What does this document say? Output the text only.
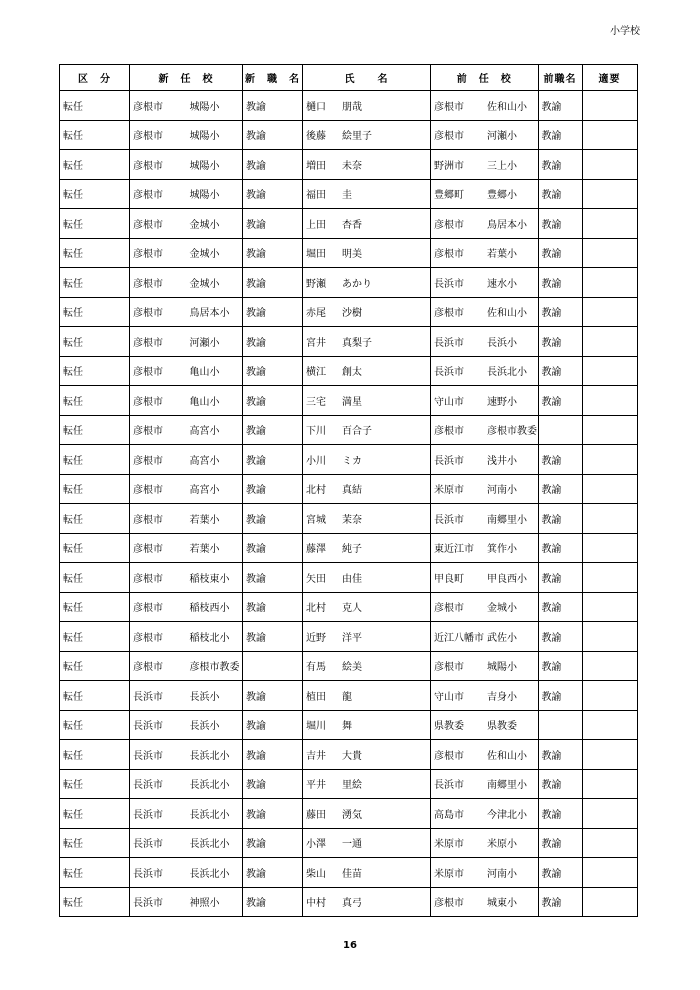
小学校
区　分	新　任　校		新　職　名	氏　　名	前　任　校		前職名	適要
転任	彦根市	城陽小	教諭	樋口 朋哉	彦根市	佐和山小	教諭	
転任	彦根市	城陽小	教諭	後藤 絵里子	彦根市	河瀬小	教諭	
転任	彦根市	城陽小	教諭	増田 未奈	野洲市	三上小	教諭	
転任	彦根市	城陽小	教諭	福田 圭	豊郷町	豊郷小	教諭	
転任	彦根市	金城小	教諭	上田 杏香	彦根市	鳥居本小	教諭	
転任	彦根市	金城小	教諭	堀田 明美	彦根市	若葉小	教諭	
転任	彦根市	金城小	教諭	野瀬 あかり	長浜市	速水小	教諭	
転任	彦根市	鳥居本小	教諭	赤尾 沙樹	彦根市	佐和山小	教諭	
転任	彦根市	河瀬小	教諭	宮井 真梨子	長浜市	長浜小	教諭	
転任	彦根市	亀山小	教諭	横江 創太	長浜市	長浜北小	教諭	
転任	彦根市	亀山小	教諭	三宅 満星	守山市	速野小	教諭	
転任	彦根市	高宮小	教諭	下川 百合子	彦根市	彦根市教委		
転任	彦根市	高宮小	教諭	小川 ミカ	長浜市	浅井小	教諭	
転任	彦根市	高宮小	教諭	北村 真結	米原市	河南小	教諭	
転任	彦根市	若葉小	教諭	宮城 茉奈	長浜市	南郷里小	教諭	
転任	彦根市	若葉小	教諭	藤澤 純子	東近江市	箕作小	教諭	
転任	彦根市	稲枝東小	教諭	矢田 由佳	甲良町	甲良西小	教諭	
転任	彦根市	稲枝西小	教諭	北村 克人	彦根市	金城小	教諭	
転任	彦根市	稲枝北小	教諭	近野 洋平	近江八幡市	武佐小	教諭	
転任	彦根市	彦根市教委		有馬 絵美	彦根市	城陽小	教諭	
転任	長浜市	長浜小	教諭	植田 龍	守山市	吉身小	教諭	
転任	長浜市	長浜小	教諭	堀川 舞	県教委	県教委		
転任	長浜市	長浜北小	教諭	吉井 大貴	彦根市	佐和山小	教諭	
転任	長浜市	長浜北小	教諭	平井 里絵	長浜市	南郷里小	教諭	
転任	長浜市	長浜北小	教諭	藤田 湧気	高島市	今津北小	教諭	
転任	長浜市	長浜北小	教諭	小澤 一通	米原市	米原小	教諭	
転任	長浜市	長浜北小	教諭	柴山 佳苗	米原市	河南小	教諭	
転任	長浜市	神照小	教諭	中村 真弓	彦根市	城東小	教諭	
16
